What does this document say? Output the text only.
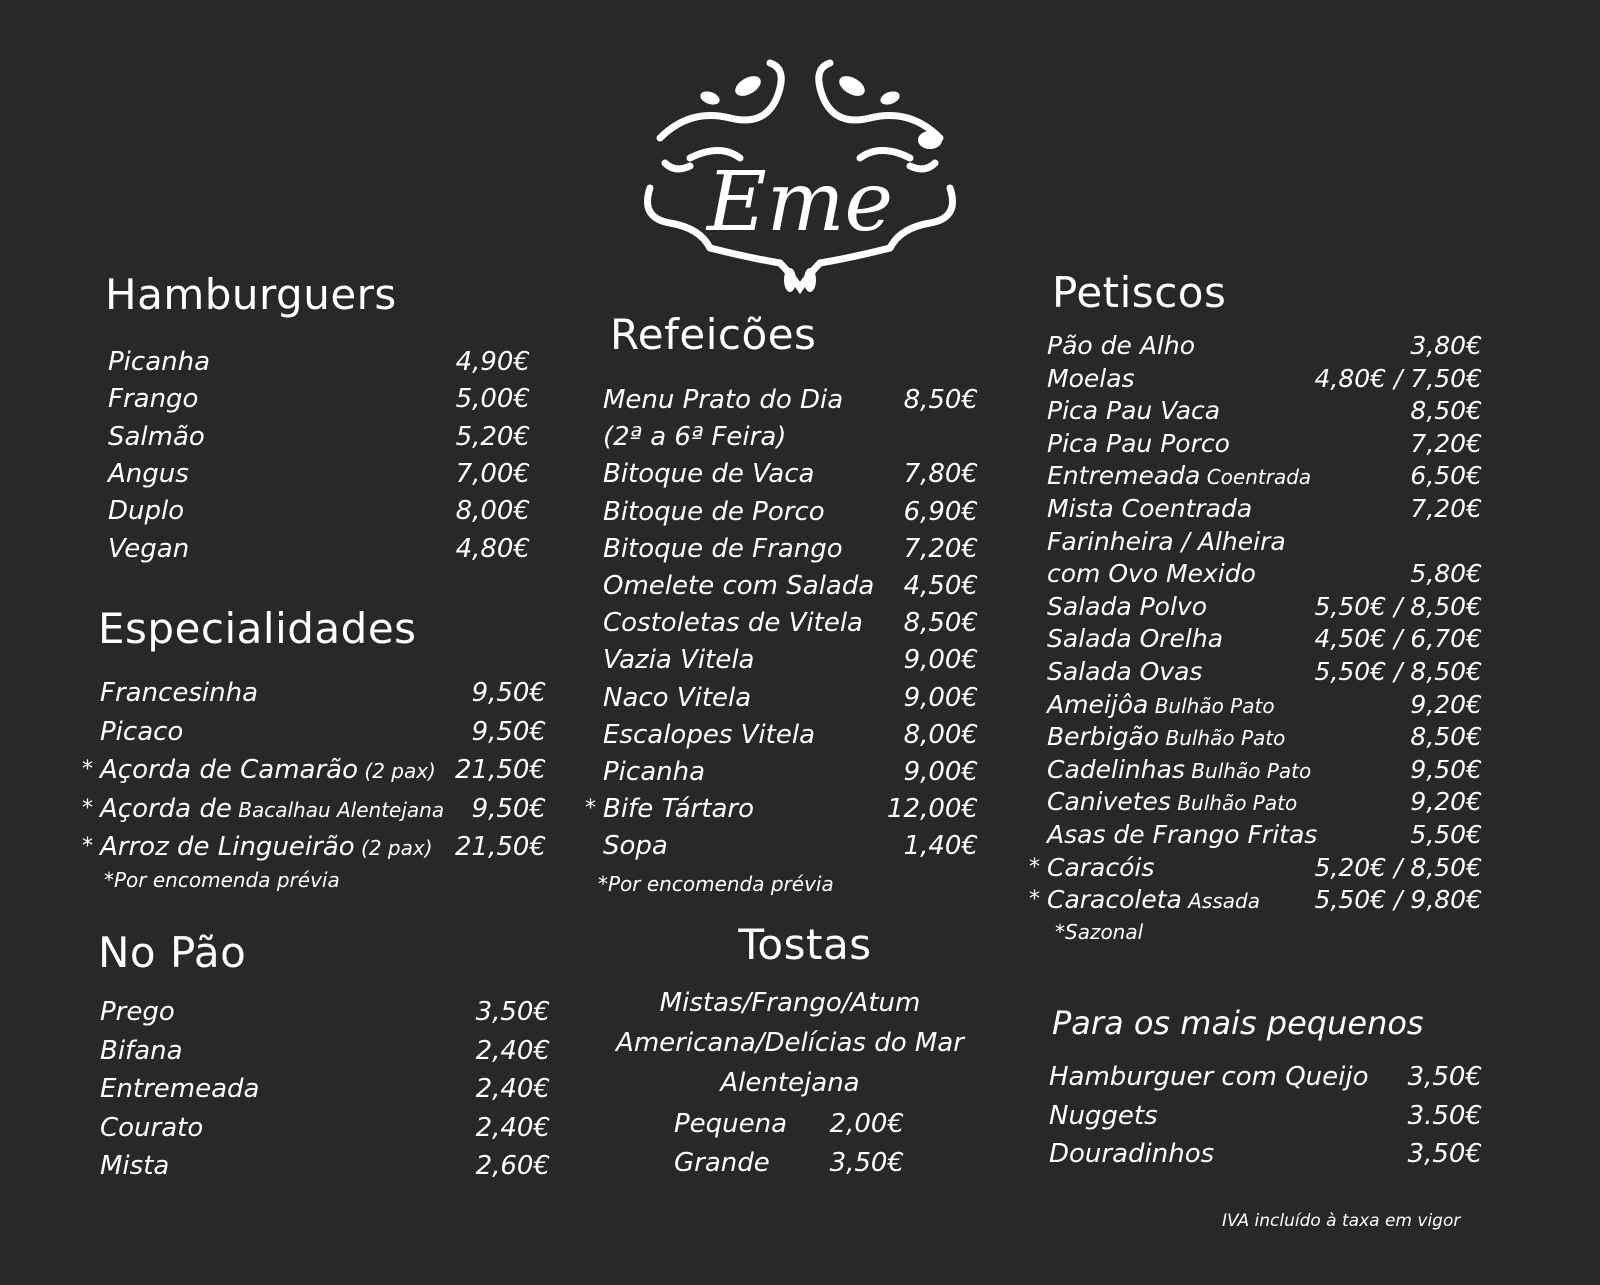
Eme
Hamburguers
Picanha	4,90€
Frango	5,00€
Salmão	5,20€
Angus	7,00€
Duplo	8,00€
Vegan	4,80€
Especialidades
Francesinha	9,50€
Picaco	9,50€
* Açorda de Camarão (2 pax) 21,50€
* Açorda de Bacalhau Alentejana 9,50€
* Arroz de Lingueirão (2 pax) 21,50€
*Por encomenda prévia
No Pão
Prego	3,50€
Bifana	2,40€
Entremeada	2,40€
Courato	2,40€
Mista	2,60€
Refeicões
Menu Prato do Dia 8,50€
(2ª a 6ª Feira)
Bitoque de Vaca	7,80€
Bitoque de Porco	6,90€
Bitoque de Frango 7,20€
Omelete com Salada 4,50€
Costoletas de Vitela 8,50€
Vazia Vitela	9,00€
Naco Vitela	9,00€
Escalopes Vitela	8,00€
Picanha	9,00€
* Bife Tártaro	12,00€
Sopa	1,40€
*Por encomenda prévia
Tostas
Mistas/Frango/Atum
Americana/Delícias do Mar
Alentejana
Pequena 2,00€
Grande 3,50€
Petiscos
Pão de Alho	3,80€
Moelas	4,80€ / 7,50€
Pica Pau Vaca	8,50€
Pica Pau Porco	7,20€
Entremeada Coentrada	6,50€
Mista Coentrada	7,20€
Farinheira / Alheira
com Ovo Mexido	5,80€
Salada Polvo	5,50€ / 8,50€
Salada Orelha	4,50€ / 6,70€
Salada Ovas	5,50€ / 8,50€
Ameijôa Bulhão Pato	9,20€
Berbigão Bulhão Pato	8,50€
Cadelinhas Bulhão Pato	9,50€
Canivetes Bulhão Pato	9,20€
Asas de Frango Fritas	5,50€
* Caracóis	5,20€ / 8,50€
* Caracoleta Assada 5,50€ / 9,80€
*Sazonal
Para os mais pequenos
Hamburguer com Queijo 3,50€
Nuggets	3.50€
Douradinhos	3,50€
IVA incluído à taxa em vigor
